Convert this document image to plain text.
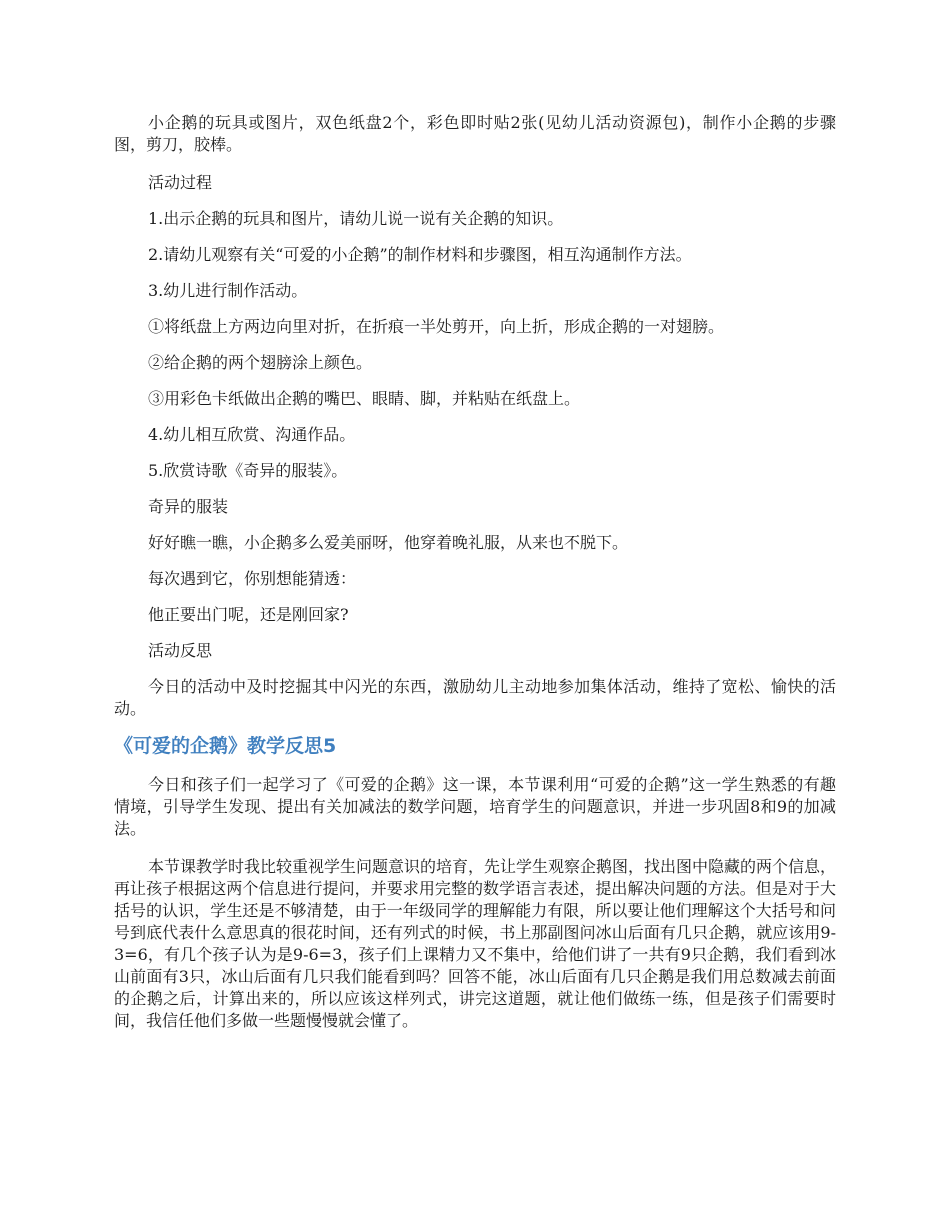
小企鹅的玩具或图片，双色纸盘2个，彩色即时贴2张(见幼儿活动资源包)，制作小企鹅的步骤图，剪刀，胶棒。

活动过程

1.出示企鹅的玩具和图片，请幼儿说一说有关企鹅的知识。

2.请幼儿观察有关“可爱的小企鹅”的制作材料和步骤图，相互沟通制作方法。

3.幼儿进行制作活动。

①将纸盘上方两边向里对折，在折痕一半处剪开，向上折，形成企鹅的一对翅膀。

②给企鹅的两个翅膀涂上颜色。

③用彩色卡纸做出企鹅的嘴巴、眼睛、脚，并粘贴在纸盘上。

4.幼儿相互欣赏、沟通作品。

5.欣赏诗歌《奇异的服装》。

奇异的服装

好好瞧一瞧，小企鹅多么爱美丽呀，他穿着晚礼服，从来也不脱下。

每次遇到它，你别想能猜透：

他正要出门呢，还是刚回家?

活动反思

今日的活动中及时挖掘其中闪光的东西，激励幼儿主动地参加集体活动，维持了宽松、愉快的活动。

《可爱的企鹅》教学反思5

今日和孩子们一起学习了《可爱的企鹅》这一课，本节课利用“可爱的企鹅”这一学生熟悉的有趣情境，引导学生发现、提出有关加减法的数学问题，培育学生的问题意识，并进一步巩固8和9的加减法。

本节课教学时我比较重视学生问题意识的培育，先让学生观察企鹅图，找出图中隐藏的两个信息，再让孩子根据这两个信息进行提问，并要求用完整的数学语言表述，提出解决问题的方法。但是对于大括号的认识，学生还是不够清楚，由于一年级同学的理解能力有限，所以要让他们理解这个大括号和问号到底代表什么意思真的很花时间，还有列式的时候，书上那副图问冰山后面有几只企鹅，就应该用9-3=6，有几个孩子认为是9-6=3，孩子们上课精力又不集中，给他们讲了一共有9只企鹅，我们看到冰山前面有3只，冰山后面有几只我们能看到吗？回答不能，冰山后面有几只企鹅是我们用总数减去前面的企鹅之后，计算出来的，所以应该这样列式，讲完这道题，就让他们做练一练，但是孩子们需要时间，我信任他们多做一些题慢慢就会懂了。
